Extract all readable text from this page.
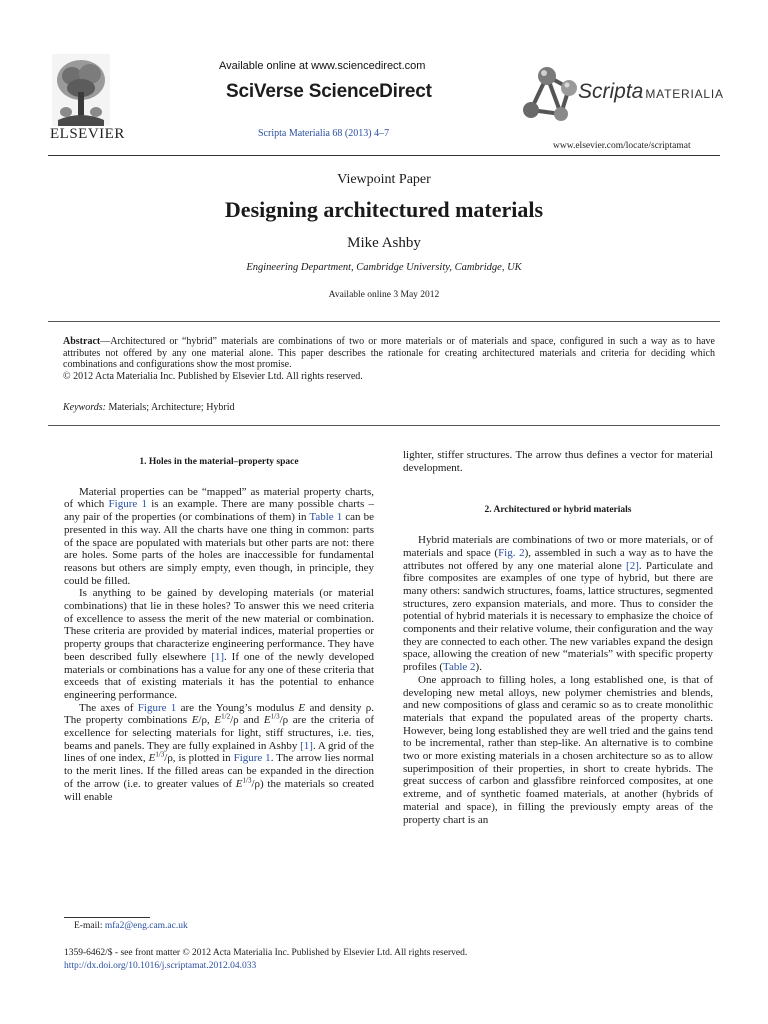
ELSEVIER
Available online at www.sciencedirect.com
SciVerse ScienceDirect
Scripta Materialia 68 (2013) 4–7
Scripta MATERIALIA
www.elsevier.com/locate/scriptamat
Viewpoint Paper
Designing architectured materials
Mike Ashby
Engineering Department, Cambridge University, Cambridge, UK
Available online 3 May 2012
Abstract—Architectured or “hybrid” materials are combinations of two or more materials or of materials and space, configured in such a way as to have attributes not offered by any one material alone. This paper describes the rationale for creating architectured materials and criteria for deciding which combinations and configurations show the most promise.
© 2012 Acta Materialia Inc. Published by Elsevier Ltd. All rights reserved.
Keywords: Materials; Architecture; Hybrid
1. Holes in the material–property space

Material properties can be “mapped” as material property charts, of which Figure 1 is an example. There are many possible charts – any pair of the properties (or combinations of them) in Table 1 can be presented in this way. All the charts have one thing in common: parts of the space are populated with materials but other parts are not: there are holes. Some parts of the holes are inaccessible for fundamental reasons but others are simply empty, even though, in principle, they could be filled.

Is anything to be gained by developing materials (or material combinations) that lie in these holes? To answer this we need criteria of excellence to assess the merit of the new material or combination. These criteria are provided by material indices, material properties or property groups that characterize engineering performance. They have been described fully elsewhere [1]. If one of the newly developed materials or combinations has a value for any one of these criteria that exceeds that of existing materials it has the potential to enhance engineering performance.

The axes of Figure 1 are the Young’s modulus E and density ρ. The property combinations E/ρ, $E^{1/2}/\rho$ and $E^{1/3}/\rho$ are the criteria of excellence for selecting materials for light, stiff structures, i.e. ties, beams and panels. They are fully explained in Ashby [1]. A grid of the lines of one index, $E^{1/3}/\rho$, is plotted in Figure 1. The arrow lies normal to the merit lines. If the filled areas can be expanded in the direction of the arrow (i.e. to greater values of $E^{1/3}/\rho$) the materials so created will enable

lighter, stiffer structures. The arrow thus defines a vector for material development.

2. Architectured or hybrid materials

Hybrid materials are combinations of two or more materials, or of materials and space (Fig. 2), assembled in such a way as to have the attributes not offered by any one material alone [2]. Particulate and fibre composites are examples of one type of hybrid, but there are many others: sandwich structures, foams, lattice structures, segmented structures, zero expansion materials, and more. Thus to consider the potential of hybrid materials it is necessary to emphasize the choice of components and their relative volume, their configuration and the way they are connected to each other. The new variables expand the design space, allowing the creation of new “materials” with specific property profiles (Table 2).

One approach to filling holes, a long established one, is that of developing new metal alloys, new polymer chemistries and blends, and new compositions of glass and ceramic so as to create monolithic materials that expand the populated areas of the property charts. However, being long established they are well tried and the gains tend to be incremental, rather than step-like. An alternative is to combine two or more existing materials in a chosen architecture so as to allow superimposition of their properties, in short to create hybrids. The great success of carbon and glassfibre reinforced composites, at one extreme, and of synthetic foamed materials, at another (hybrids of material and space), in filling the previously empty areas of the property chart is an

E-mail: mfa2@eng.cam.ac.uk
1359-6462/$ - see front matter © 2012 Acta Materialia Inc. Published by Elsevier Ltd. All rights reserved.
http://dx.doi.org/10.1016/j.scriptamat.2012.04.033
